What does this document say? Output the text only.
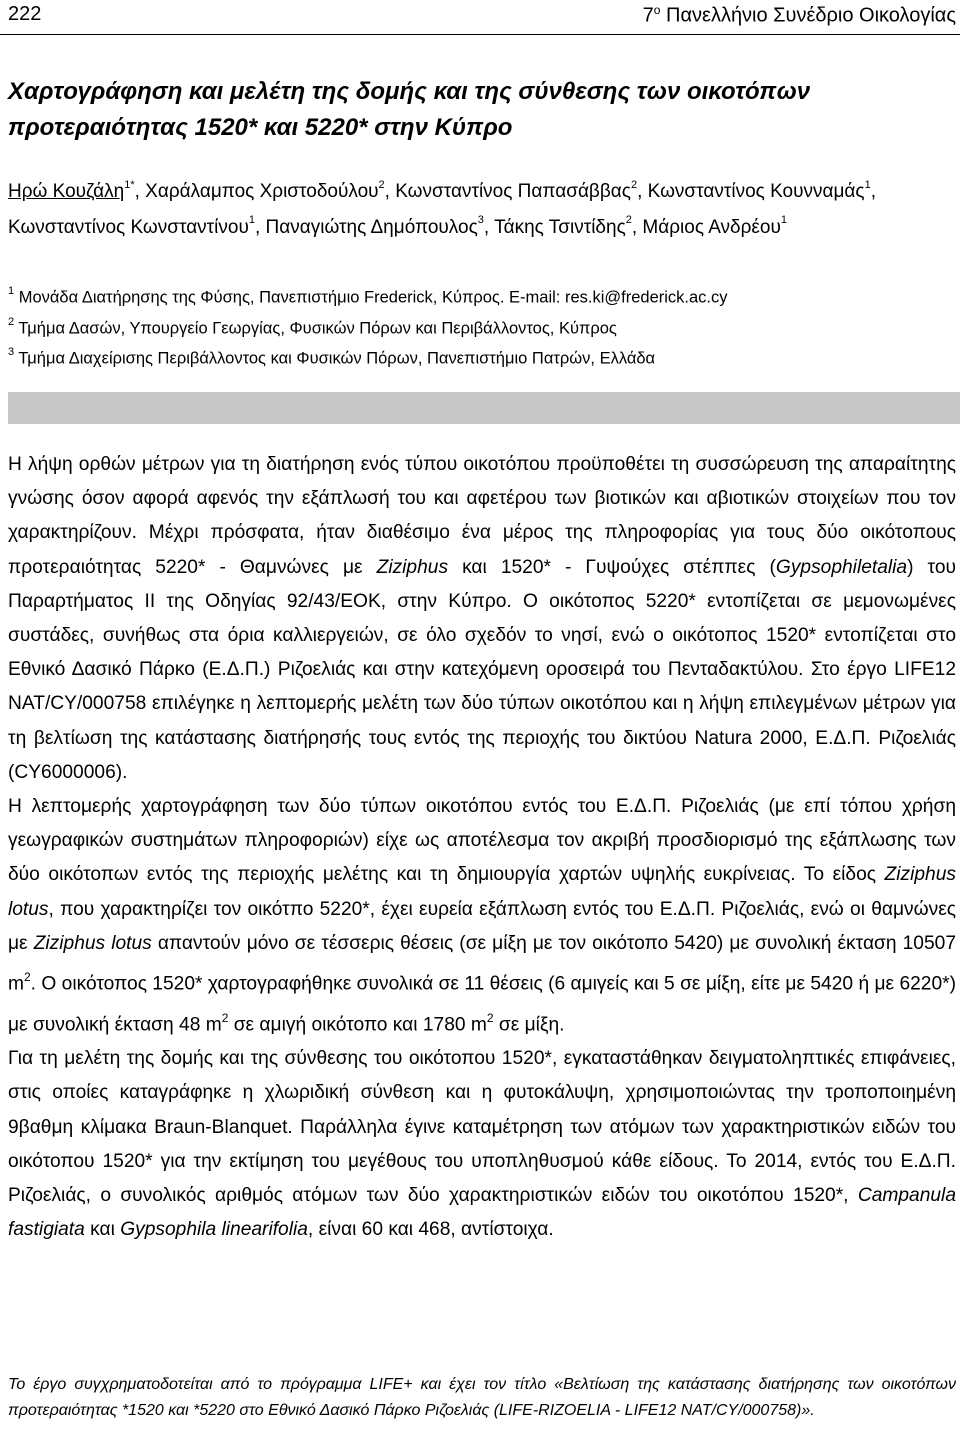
222	$7^o$ Πανελλήνιο Συνέδριο Οικολογίας
Χαρτογράφηση και μελέτη της δομής και της σύνθεσης των οικοτόπων προτεραιότητας 1520* και 5220* στην Κύπρο
Ηρώ Κουζάλη$^{1*}$, Χαράλαμπος Χριστοδούλου$^2$, Κωνσταντίνος Παπασάββας$^2$, Κωνσταντίνος Κουνναμάς$^1$, Κωνσταντίνος Κωνσταντίνου$^1$, Παναγιώτης Δημόπουλος$^3$, Τάκης Τσιντίδης$^2$, Μάριος Ανδρέου$^1$
$^1$ Μονάδα Διατήρησης της Φύσης, Πανεπιστήμιο Frederick, Κύπρος. E-mail: res.ki@frederick.ac.cy
$^2$ Τμήμα Δασών, Υπουργείο Γεωργίας, Φυσικών Πόρων και Περιβάλλοντος, Κύπρος
$^3$ Τμήμα Διαχείρισης Περιβάλλοντος και Φυσικών Πόρων, Πανεπιστήμιο Πατρών, Ελλάδα

Η λήψη ορθών μέτρων για τη διατήρηση ενός τύπου οικοτόπου προϋποθέτει τη συσσώρευση της απαραίτητης γνώσης όσον αφορά αφενός την εξάπλωσή του και αφετέρου των βιοτικών και αβιοτικών στοιχείων που τον χαρακτηρίζουν. Μέχρι πρόσφατα, ήταν διαθέσιμο ένα μέρος της πληροφορίας για τους δύο οικότοπους προτεραιότητας 5220* - Θαμνώνες με Ziziphus και 1520* - Γυψούχες στέππες (Gypsophiletalia) του Παραρτήματος ΙΙ της Οδηγίας 92/43/ΕΟΚ, στην Κύπρο. Ο οικότοπος 5220* εντοπίζεται σε μεμονωμένες συστάδες, συνήθως στα όρια καλλιεργειών, σε όλο σχεδόν το νησί, ενώ ο οικότοπος 1520* εντοπίζεται στο Εθνικό Δασικό Πάρκο (Ε.Δ.Π.) Ριζοελιάς και στην κατεχόμενη οροσειρά του Πενταδακτύλου. Στο έργο LIFE12 NAT/CY/000758 επιλέγηκε η λεπτομερής μελέτη των δύο τύπων οικοτόπου και η λήψη επιλεγμένων μέτρων για τη βελτίωση της κατάστασης διατήρησής τους εντός της περιοχής του δικτύου Natura 2000, Ε.Δ.Π. Ριζοελιάς (CY6000006).

Η λεπτομερής χαρτογράφηση των δύο τύπων οικοτόπου εντός του Ε.Δ.Π. Ριζοελιάς (με επί τόπου χρήση γεωγραφικών συστημάτων πληροφοριών) είχε ως αποτέλεσμα τον ακριβή προσδιορισμό της εξάπλωσης των δύο οικότοπων εντός της περιοχής μελέτης και τη δημιουργία χαρτών υψηλής ευκρίνειας. Το είδος Ziziphus lotus, που χαρακτηρίζει τον οικότπο 5220*, έχει ευρεία εξάπλωση εντός του Ε.Δ.Π. Ριζοελιάς, ενώ οι θαμνώνες με Ziziphus lotus απαντούν μόνο σε τέσσερις θέσεις (σε μίξη με τον οικότοπο 5420) με συνολική έκταση 10507 $m^2$. Ο οικότοπος 1520* χαρτογραφήθηκε συνολικά σε 11 θέσεις (6 αμιγείς και 5 σε μίξη, είτε με 5420 ή με 6220*) με συνολική έκταση 48 $m^2$ σε αμιγή οικότοπο και 1780 $m^2$ σε μίξη.

Για τη μελέτη της δομής και της σύνθεσης του οικότοπου 1520*, εγκαταστάθηκαν δειγματοληπτικές επιφάνειες, στις οποίες καταγράφηκε η χλωριδική σύνθεση και η φυτοκάλυψη, χρησιμοποιώντας την τροποποιημένη 9βαθμη κλίμακα Braun-Blanquet. Παράλληλα έγινε καταμέτρηση των ατόμων των χαρακτηριστικών ειδών του οικότοπου 1520* για την εκτίμηση του μεγέθους του υποπληθυσμού κάθε είδους. Το 2014, εντός του Ε.Δ.Π. Ριζοελιάς, ο συνολικός αριθμός ατόμων των δύο χαρακτηριστικών ειδών του οικοτόπου 1520*, Campanula fastigiata και Gypsophila linearifolia, είναι 60 και 468, αντίστοιχα.

Το έργο συγχρηματοδοτείται από το πρόγραμμα LIFE+ και έχει τον τίτλο «Βελτίωση της κατάστασης διατήρησης των οικοτόπων προτεραιότητας *1520 και *5220 στο Εθνικό Δασικό Πάρκο Ριζοελιάς (LIFE-RIZOELIA - LIFE12 NAT/CY/000758)».
